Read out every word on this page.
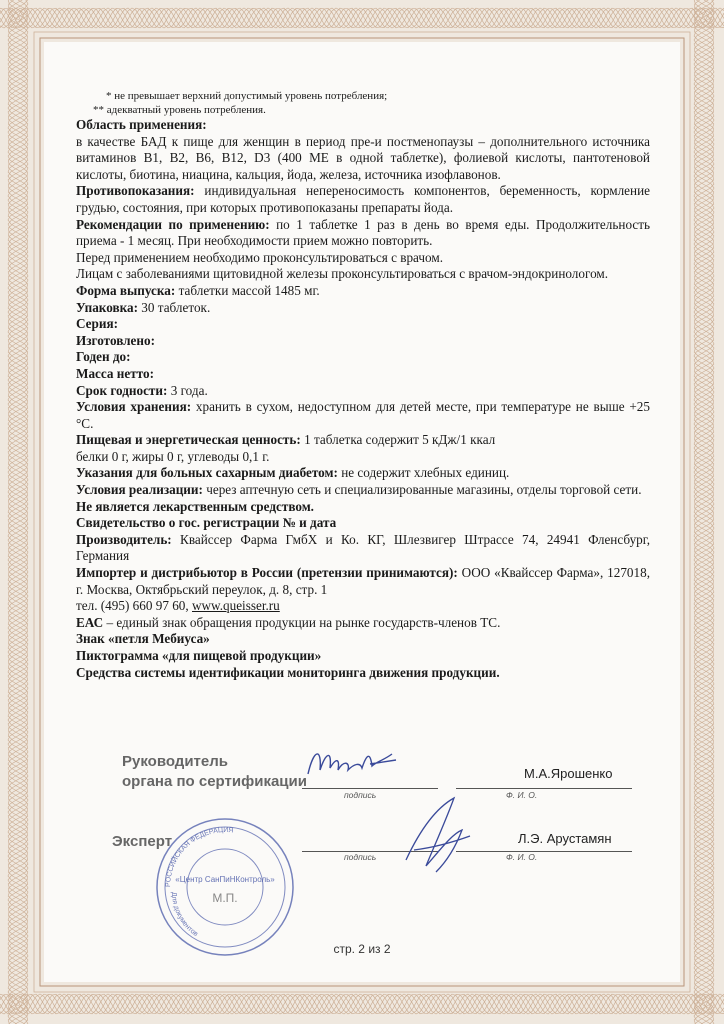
* не превышает верхний допустимый уровень потребления;

** адекватный уровень потребления.

Область применения:

в качестве БАД к пище для женщин в период пре-и постменопаузы – дополнительного источника витаминов B1, B2, B6, B12, D3 (400 МЕ в одной таблетке), фолиевой кислоты, пантотеновой кислоты, биотина, ниацина, кальция, йода, железа, источника изофлавонов.

Противопоказания: индивидуальная непереносимость компонентов, беременность, кормление грудью, состояния, при которых противопоказаны препараты йода.

Рекомендации по применению: по 1 таблетке 1 раз в день во время еды. Продолжительность приема - 1 месяц. При необходимости прием можно повторить.

Перед применением необходимо проконсультироваться с врачом.

Лицам с заболеваниями щитовидной железы проконсультироваться с врачом-эндокринологом.

Форма выпуска: таблетки массой 1485 мг.

Упаковка: 30 таблеток.

Серия:

Изготовлено:

Годен до:

Масса нетто:

Срок годности: 3 года.

Условия хранения: хранить в сухом, недоступном для детей месте, при температуре не выше +25 °С.

Пищевая и энергетическая ценность: 1 таблетка содержит 5 кДж/1 ккал

белки 0 г, жиры 0 г, углеводы 0,1 г.

Указания для больных сахарным диабетом: не содержит хлебных единиц.

Условия реализации: через аптечную сеть и специализированные магазины, отделы торговой сети.

Не является лекарственным средством.

Свидетельство о гос. регистрации № и дата

Производитель: Квайссер Фарма ГмбХ и Ко. КГ, Шлезвигер Штрассе 74, 24941 Фленсбург, Германия

Импортер и дистрибьютор в России (претензии принимаются): ООО «Квайссер Фарма», 127018, г. Москва, Октябрьский переулок, д. 8, стр. 1

тел. (495) 660 97 60, www.queisser.ru

ЕАС – единый знак обращения продукции на рынке государств-членов ТС.

Знак «петля Мебиуса»

Пиктограмма «для пищевой продукции»

Средства системы идентификации мониторинга движения продукции.

Руководитель
органа по сертификации
подпись
М.А.Ярошенко
Ф. И. О.
Эксперт
подпись
Л.Э. Арустамян
Ф. И. О.
РОССИЙСКАЯ ФЕДЕРАЦИЯ
Для документов
«Центр СанПиНКонтроль»
М.П.
стр. 2 из 2
